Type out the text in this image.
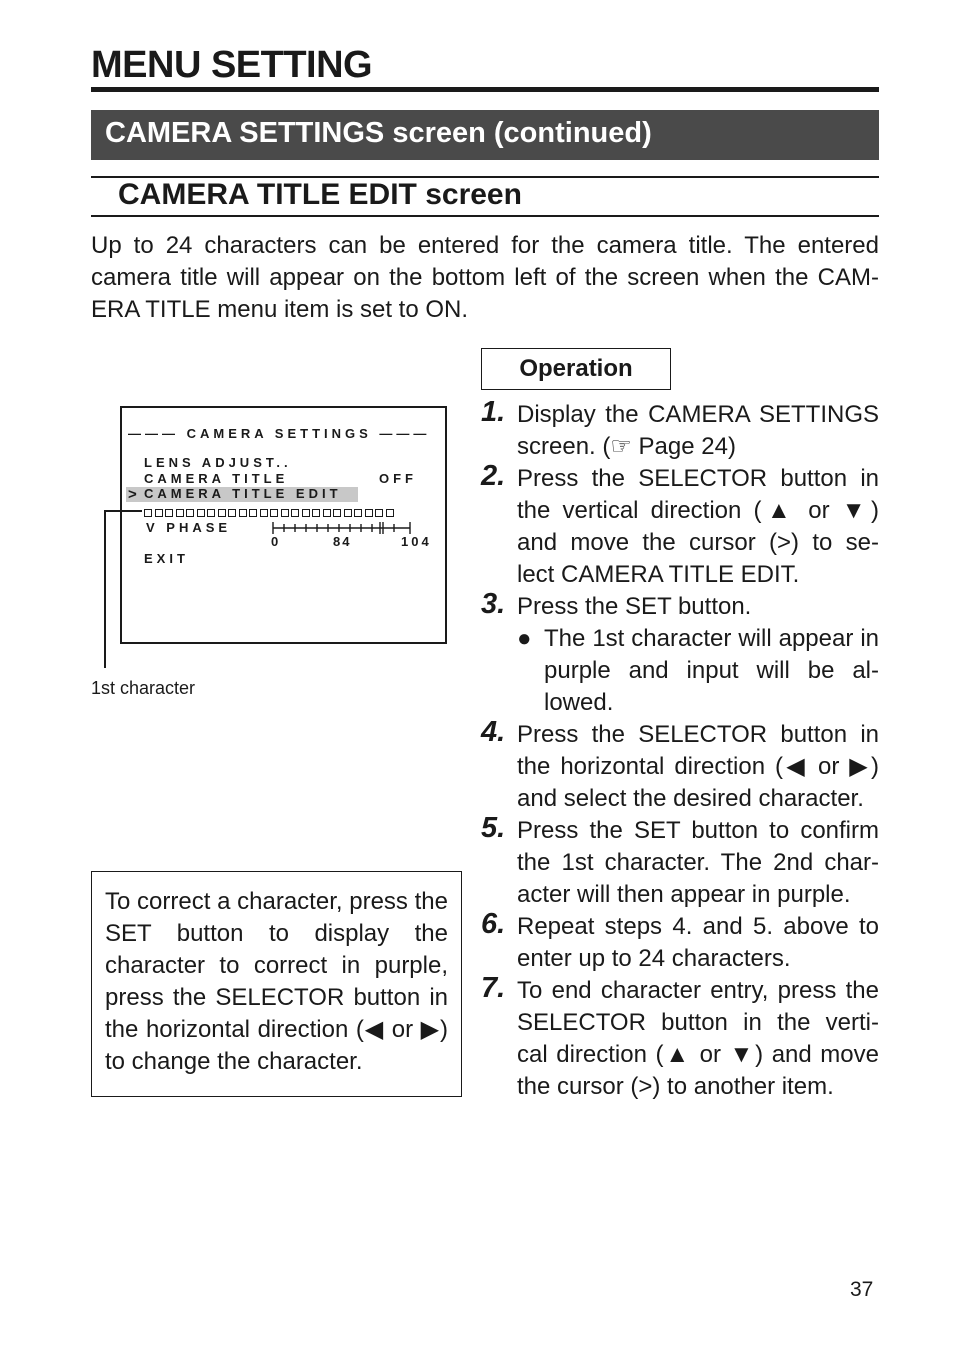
MENU SETTING
CAMERA SETTINGS screen (continued)
CAMERA TITLE EDIT screen
Up to 24 characters can be entered for the camera title. The entered camera title will appear on the bottom left of the screen when the CAM- ERA TITLE menu item is set to ON.
——— CAMERA SETTINGS ———
LENS ADJUST..
CAMERA TITLE	OFF
> CAMERA TITLE EDIT
V PHASE
0	84	104
EXIT
1st character
To correct a character, press the SET button to display the character to correct in purple, press the SELECTOR button in the horizontal direction (◀ or ▶) to change the character.
Operation
1. Display the CAMERA SETTINGS screen. (☞ Page 24)
2. Press the SELECTOR button in the vertical direction (▲ or ▼) and move the cursor (>) to se- lect CAMERA TITLE EDIT.
3. Press the SET button.
● The 1st character will appear in purple and input will be al- lowed.
4. Press the SELECTOR button in the horizontal direction (◀ or ▶) and select the desired character.
5. Press the SET button to confirm the 1st character. The 2nd char- acter will then appear in purple.
6. Repeat steps 4. and 5. above to enter up to 24 characters.
7. To end character entry, press the SELECTOR button in the verti- cal direction (▲ or ▼) and move the cursor (>) to another item.
37
